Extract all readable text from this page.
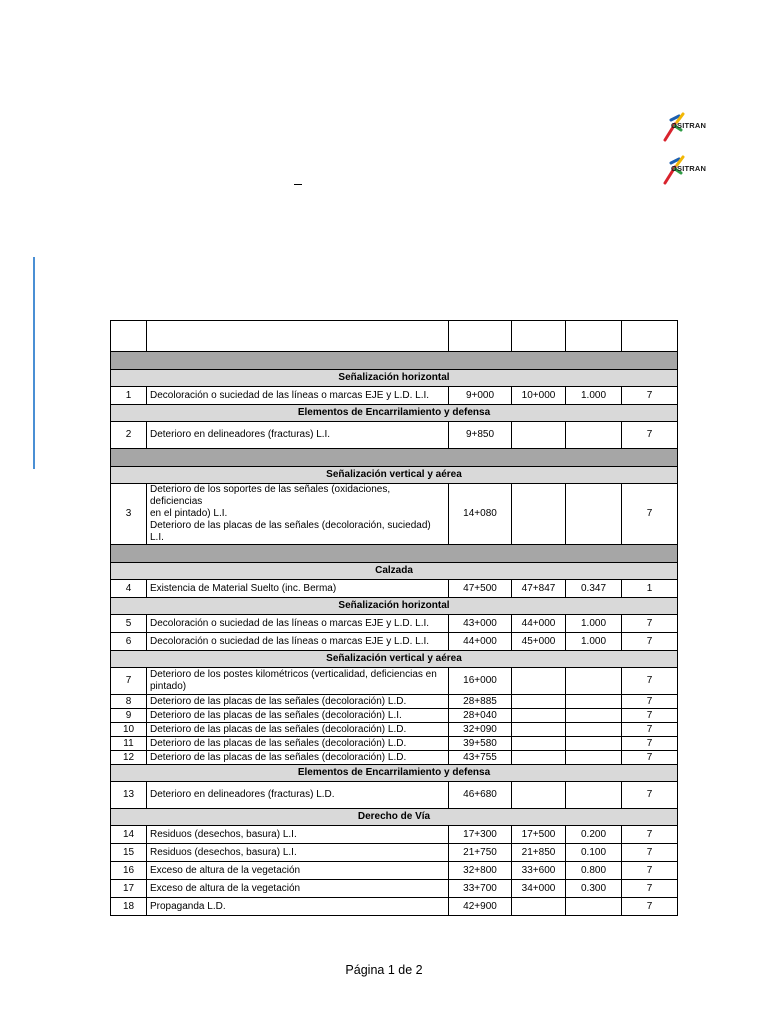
OSITRAN
OSITRAN

Señalización horizontal					
1	Decoloración o suciedad de las líneas o marcas EJE y L.D. L.I.	9+000	10+000	1.000	7
Elementos de Encarrilamiento y defensa					
2	Deterioro en delineadores (fracturas) L.I.	9+850			7

Señalización vertical y aérea					
3	Deterioro de los soportes de las señales (oxidaciones, deficiencias
en el pintado) L.I.
Deterioro de las placas de las señales (decoloración, suciedad) L.I.	14+080			7

Calzada					
4	Existencia de Material Suelto (inc. Berma)	47+500	47+847	0.347	1
Señalización horizontal					
5	Decoloración o suciedad de las líneas o marcas EJE y L.D. L.I.	43+000	44+000	1.000	7
6	Decoloración o suciedad de las líneas o marcas EJE y L.D. L.I.	44+000	45+000	1.000	7
Señalización vertical y aérea					
7	Deterioro de los postes kilométricos (verticalidad, deficiencias en
pintado)	16+000			7
8	Deterioro de las placas de las señales (decoloración) L.D.	28+885			7
9	Deterioro de las placas de las señales (decoloración) L.I.	28+040			7
10	Deterioro de las placas de las señales (decoloración) L.D.	32+090			7
11	Deterioro de las placas de las señales (decoloración) L.D.	39+580			7
12	Deterioro de las placas de las señales (decoloración) L.D.	43+755			7
Elementos de Encarrilamiento y defensa					
13	Deterioro en delineadores (fracturas) L.D.	46+680			7
Derecho de Vía					
14	Residuos (desechos, basura) L.I.	17+300	17+500	0.200	7
15	Residuos (desechos, basura) L.I.	21+750	21+850	0.100	7
16	Exceso de altura de la vegetación	32+800	33+600	0.800	7
17	Exceso de altura de la vegetación	33+700	34+000	0.300	7
18	Propaganda L.D.	42+900			7
Página 1 de 2
